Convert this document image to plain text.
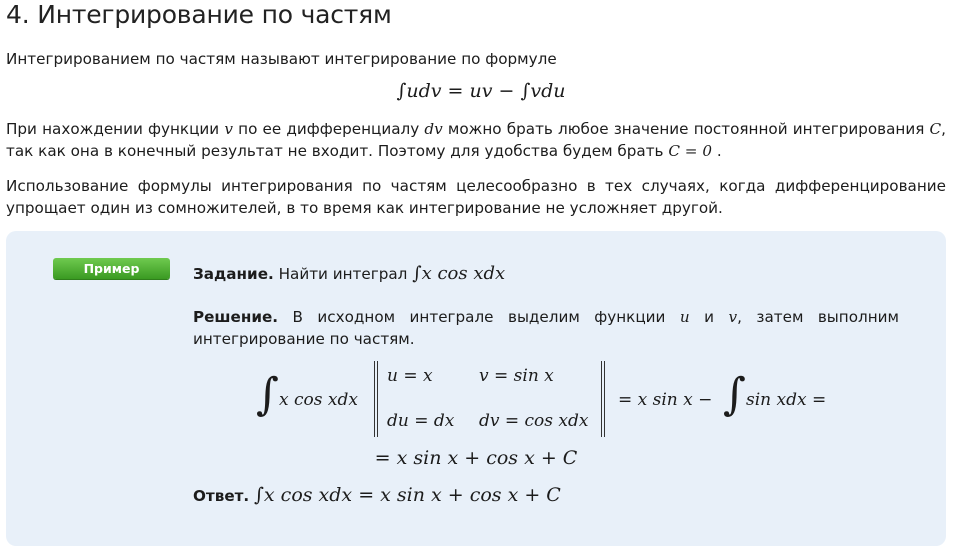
4. Интегрирование по частям

Интегрированием по частям называют интегрирование по формуле

∫udv = uv − ∫vdu

При нахождении функции v по ее дифференциалу dv можно брать любое значение постоянной интегрирования C, так как она в конечный результат не входит. Поэтому для удобства будем брать C = 0 .

Использование формулы интегрирования по частям целесообразно в тех случаях, когда дифференцирование упрощает один из сомножителей, в то время как интегрирование не усложняет другой.

Пример	Задание. Найти интеграл ∫x cos xdx

Решение. В исходном интеграле выделим функции u и v, затем выполним интегрирование по частям.

∫ x cos xdx
u = x	v = sin x
du = dx dv = cos xdx
= x sin x − ∫ sin xdx =
= x sin x + cos x + C
Ответ. ∫x cos xdx = x sin x + cos x + C
